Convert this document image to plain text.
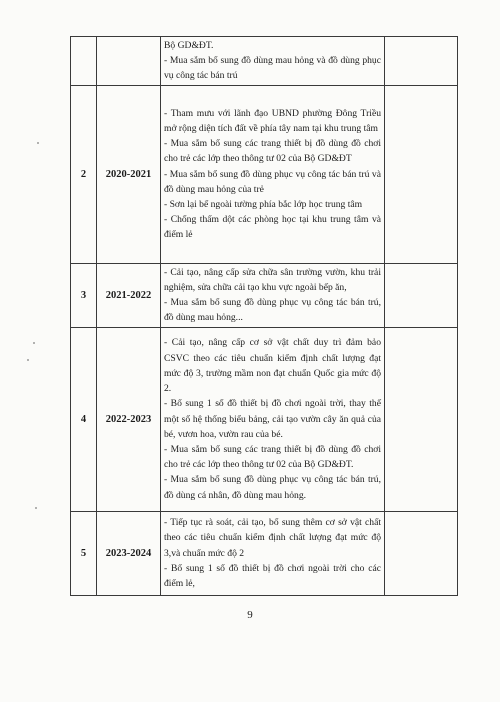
		Bộ GD&ĐT.
- Mua sắm bổ sung đồ dùng mau hỏng và đồ dùng phục vụ công tác bán trú	

2	2020-2021	- Tham mưu với lãnh đạo UBND phường Đông Triều mở rộng diện tích đất về phía tây nam tại khu trung tâm
- Mua sắm bổ sung các trang thiết bị đồ dùng đồ chơi cho trẻ các lớp theo thông tư 02 của Bộ GD&ĐT
- Mua sắm bổ sung đồ dùng phục vụ công tác bán trú và đồ dùng mau hỏng của trẻ
- Sơn lại bể ngoài tường phía bắc lớp học trung tâm
- Chống thấm dột các phòng học tại khu trung tâm và điểm lẻ	

3	2021-2022	- Cải tạo, nâng cấp sửa chữa sân trường vườn, khu trải nghiệm, sửa chữa cải tạo khu vực ngoài bếp ăn,
- Mua sắm bổ sung đồ dùng phục vụ công tác bán trú, đồ dùng mau hỏng...	

4	2022-2023	- Cải tạo, nâng cấp cơ sở vật chất duy trì đảm bảo CSVC theo các tiêu chuẩn kiểm định chất lượng đạt mức độ 3, trường mầm non đạt chuẩn Quốc gia mức độ 2.
- Bổ sung 1 số đồ thiết bị đồ chơi ngoài trời, thay thế một số hệ thống biểu bảng, cải tạo vườn cây ăn quả của bé, vươn hoa, vườn rau của bé.
- Mua sắm bổ sung các trang thiết bị đồ dùng đồ chơi cho trẻ các lớp theo thông tư 02 của Bộ GD&ĐT.
- Mua sắm bổ sung đồ dùng phục vụ công tác bán trú, đồ dùng cá nhân, đồ dùng mau hỏng.	

5	2023-2024	- Tiếp tục rà soát, cải tạo, bổ sung thêm cơ sở vật chất theo các tiêu chuẩn kiểm định chất lượng đạt mức độ 3,và chuẩn mức độ 2
- Bổ sung 1 số đồ thiết bị đồ chơi ngoài trời cho các điểm lẻ,	

9
